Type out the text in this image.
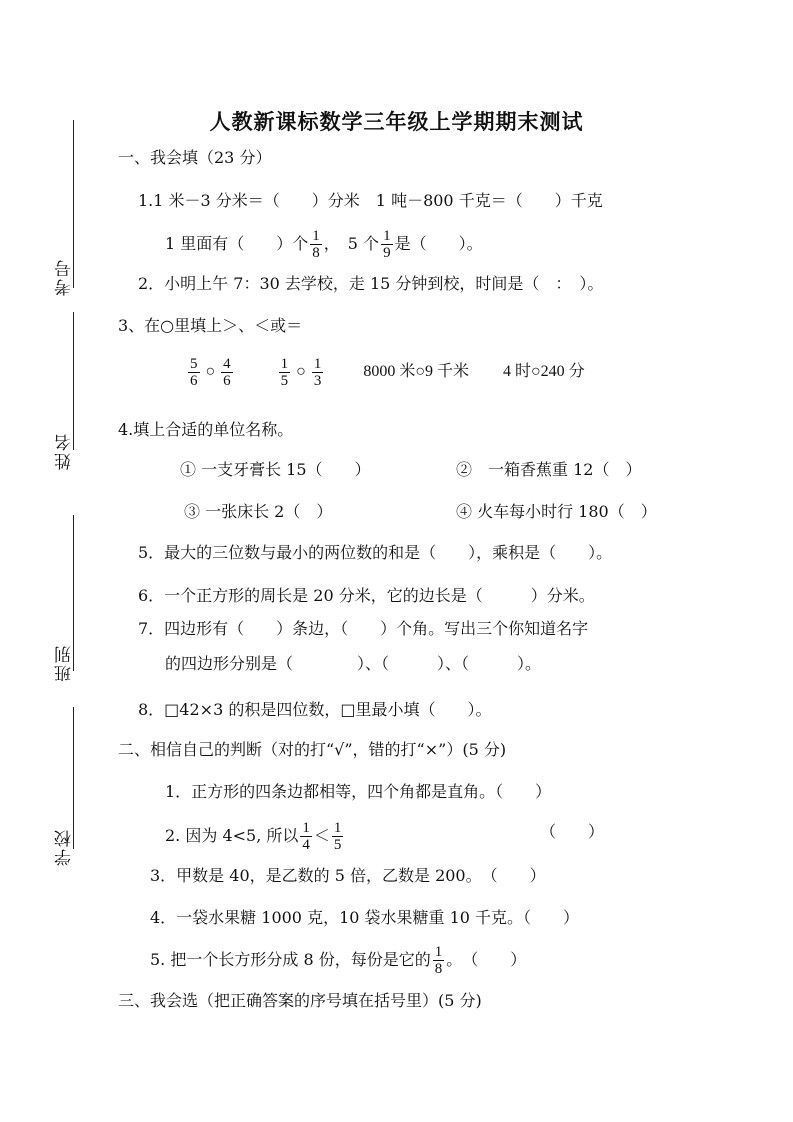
考号
姓名
班别
学校
人教新课标数学三年级上学期期末测试
一、我会填（23 分）
1.1 米－3 分米＝（　　）分米　1 吨－800 千克＝（　　）千克
1 里面有（　　）个 $\frac{1}{8}$ ，　5 个 $\frac{1}{9}$ 是（　　）。
2．小明上午 7：30 去学校，走 15 分钟到校，时间是（　：　）。
3、在○里填上＞、＜或＝
$\frac{5}{6}$ ○ $\frac{4}{6}$
	$\frac{1}{5}$ ○ $\frac{1}{3}$	8000 米○9 千米 4 时○240 分
4.填上合适的单位名称。
① 一支牙膏长 15（　　）	②　一箱香蕉重 12（　）
③ 一张床长 2（　）	④ 火车每小时行 180（　）
5．最大的三位数与最小的两位数的和是（　　），乘积是（　　）。
6．一个正方形的周长是 20 分米，它的边长是（　　　）分米。
7．四边形有（　　）条边，（　　）个角。写出三个你知道名字
的四边形分别是（　　　　）、（　　　）、（　　　）。
8．□42×3 的积是四位数，□里最小填（　　）。
二、相信自己的判断（对的打“√”，错的打“×”）(5 分)
1．正方形的四条边都相等，四个角都是直角。（　　）
2. 因为 4<5, 所以 $\frac{1}{4} < \frac{1}{5}$	（　　）
3．甲数是 40，是乙数的 5 倍，乙数是 200。　（　　）
4．一袋水果糖 1000 克，10 袋水果糖重 10 千克。（　　）
5. 把一个长方形分成 8 份，每份是它的 $\frac{1}{8}$ 。　（　　）
三、我会选（把正确答案的序号填在括号里）(5 分)
